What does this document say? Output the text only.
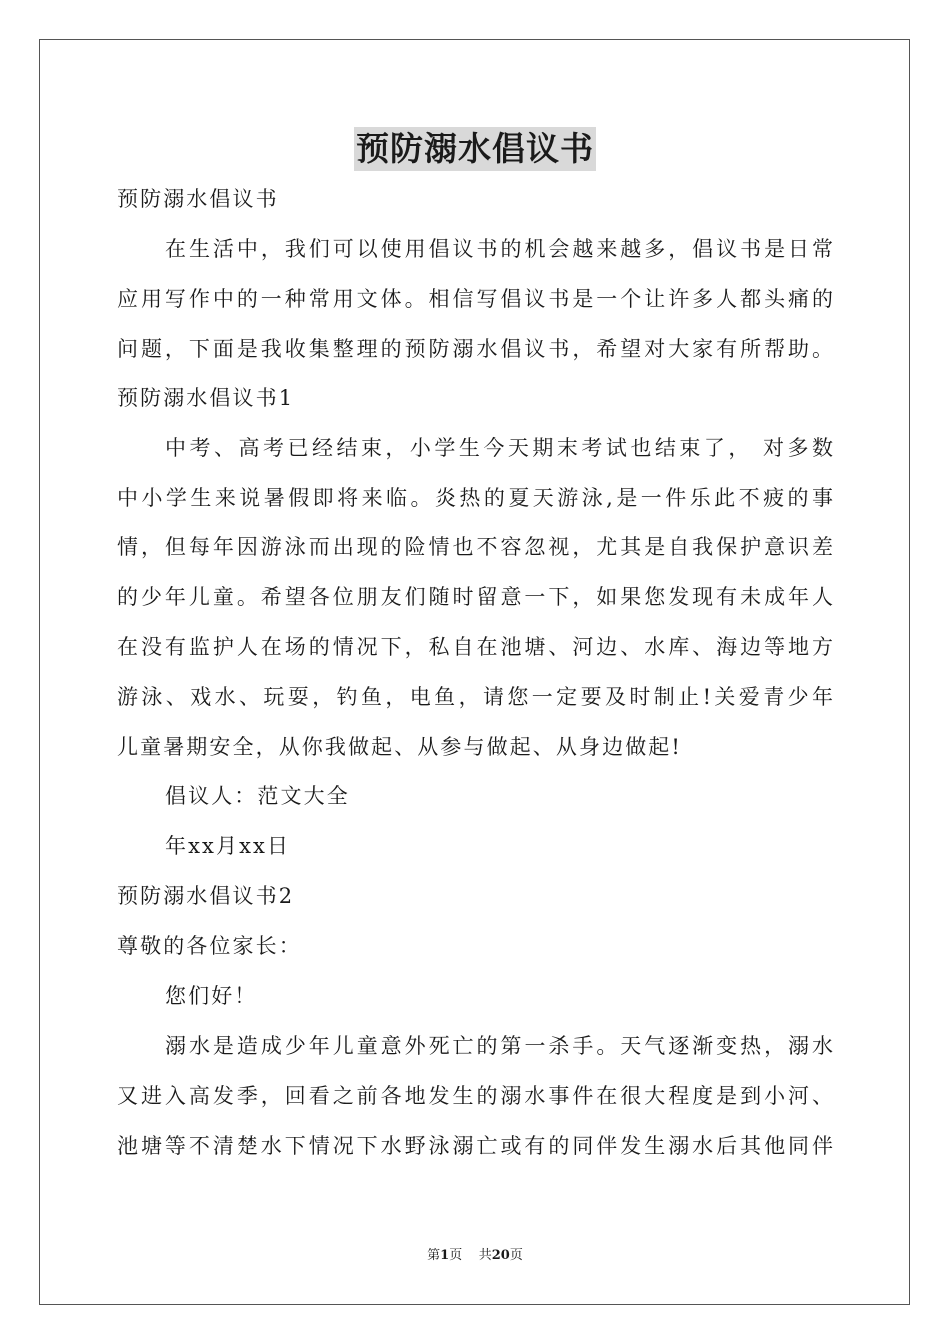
预防溺水倡议书
预防溺水倡议书
在生活中，我们可以使用倡议书的机会越来越多，倡议书是日常
应用写作中的一种常用文体。相信写倡议书是一个让许多人都头痛的
问题，下面是我收集整理的预防溺水倡议书，希望对大家有所帮助。
预防溺水倡议书1
中考、高考已经结束，小学生今天期末考试也结束了， 对多数
中小学生来说暑假即将来临。炎热的夏天游泳,是一件乐此不疲的事
情，但每年因游泳而出现的险情也不容忽视，尤其是自我保护意识差
的少年儿童。希望各位朋友们随时留意一下，如果您发现有未成年人
在没有监护人在场的情况下，私自在池塘、河边、水库、海边等地方
游泳、戏水、玩耍，钓鱼，电鱼，请您一定要及时制止!关爱青少年
儿童暑期安全，从你我做起、从参与做起、从身边做起!
倡议人：范文大全
年xx月xx日
预防溺水倡议书2
尊敬的各位家长：
您们好！
溺水是造成少年儿童意外死亡的第一杀手。天气逐渐变热，溺水
又进入高发季，回看之前各地发生的溺水事件在很大程度是到小河、
池塘等不清楚水下情况下水野泳溺亡或有的同伴发生溺水后其他同伴
第1页 共20页
